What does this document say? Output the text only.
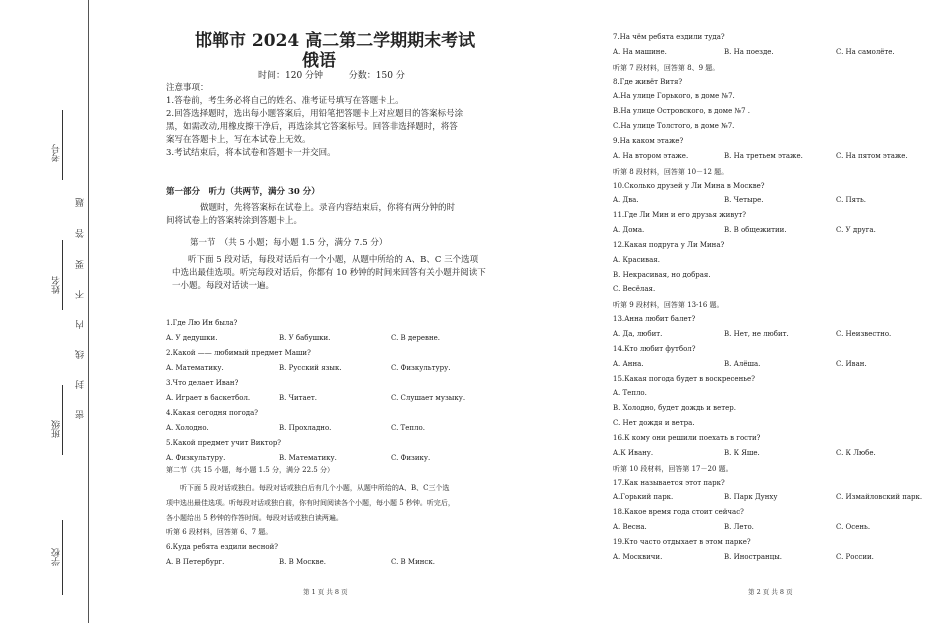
考号
姓名
班级
学校
题
答
要
不
内
线
封
密
邯郸市 2024 高二第二学期期末考试
俄语
时间：120 分钟	分数：150 分
注意事项：
1.答卷前，考生务必将自己的姓名、准考证号填写在答题卡上。
2.回答选择题时，选出每小题答案后，用铅笔把答题卡上对应题目的答案标号涂
黑，如需改动,用橡皮擦干净后，再选涂其它答案标号。回答非选择题时，将答
案写在答题卡上，写在本试卷上无效。
3.考试结束后，将本试卷和答题卡一并交回。
第一部分　听力（共两节，满分 30 分）
做题时，先将答案标在试卷上。录音内容结束后，你将有两分钟的时
间将试卷上的答案转涂到答题卡上。
第一节　（共 5 小题；每小题 1.5 分，满分 7.5 分）
听下面 5 段对话，每段对话后有一个小题，从题中所给的 A、B、C 三个选项
中选出最佳选项。听完每段对话后，你都有 10 秒钟的时间来回答有关小题并阅读下
一小题。每段对话读一遍。
1.Где Лю Ин была?
A. У дедушки.	B. У бабушки.	C. В деревне.
2.Какой —— любимый предмет Маши?
A. Математику.	B. Русский язык.	C. Физкультуру.
3.Что делает Иван?
A. Играет в баскетбол.	B. Читает.	C. Слушает музыку.
4.Какая сегодня погода?
A. Холодно.	B. Прохладно.	C. Тепло.
5.Какой предмет учит Виктор?
A. Физкультуру.	B. Математику.	C. Физику.
第二节（共 15 小题，每小题 1.5 分，满分 22.5 分）
听下面 5 段对话或独白。每段对话或独白后有几个小题，从题中所给的A、B、C三个选
项中选出最佳选项。听每段对话或独白前，你有时间阅读各个小题，每小题 5 秒钟。听完后，
各小题给出 5 秒钟的作答时间。每段对话或独白读两遍。
听第 6 段材料，回答第 6、7 题。
6.Куда ребята ездили весной?
A. В Петербург.	B. В Москве.	C. В Минск.
7.На чём ребята ездили туда?
A. На машине.	B. На поезде.	C. На самолёте.
听第 7 段材料，回答第 8、9 题。
8.Где живёт Витя?
A.На улице Горького, в доме №7.
B.На улице Островского, в доме №7 .
C.На улице Толстого, в доме №7.
9.На каком этаже?
A. На втором этаже.	B. На третьем этаже.	C. На пятом этаже.
听第 8 段材料，回答第 10－12 题。
10.Сколько друзей у Ли Мина в Москве?
A. Два.	B. Четыре.	C. Пять.
11.Где Ли Мин и его друзья живут?
A. Дома.	B. В общежитии.	C. У друга.
12.Какая подруга у Ли Мина?
A. Красивая.
B. Некрасивая, но добрая.
C. Весёлая.
听第 9 段材料，回答第 13-16 题。
13.Анна любит балет?
A. Да, любит.	B. Нет, не любит.	C. Неизвестно.
14.Кто любит футбол?
A. Анна.	B. Алёша.	C. Иван.
15.Какая погода будет в воскресенье?
A. Тепло.
B. Холодно, будет дождь и ветер.
C. Нет дождя и ветра.
16.К кому они решили поехать в гости?
A.К Ивану.	B. К Яше.	C. К Любе.
听第 10 段材料，回答第 17－20 题。
17.Как называется этот парк?
A.Горький парк.	B. Парк Дунху	C. Измайловский парк.
18.Какое время года стоит сейчас?
A. Весна.	B. Лето.	C. Осень.
19.Кто часто отдыхает в этом парке?
A. Москвичи.	B. Иностранцы.	C. России.
第 1 页 共 8 页	第 2 页 共 8 页
